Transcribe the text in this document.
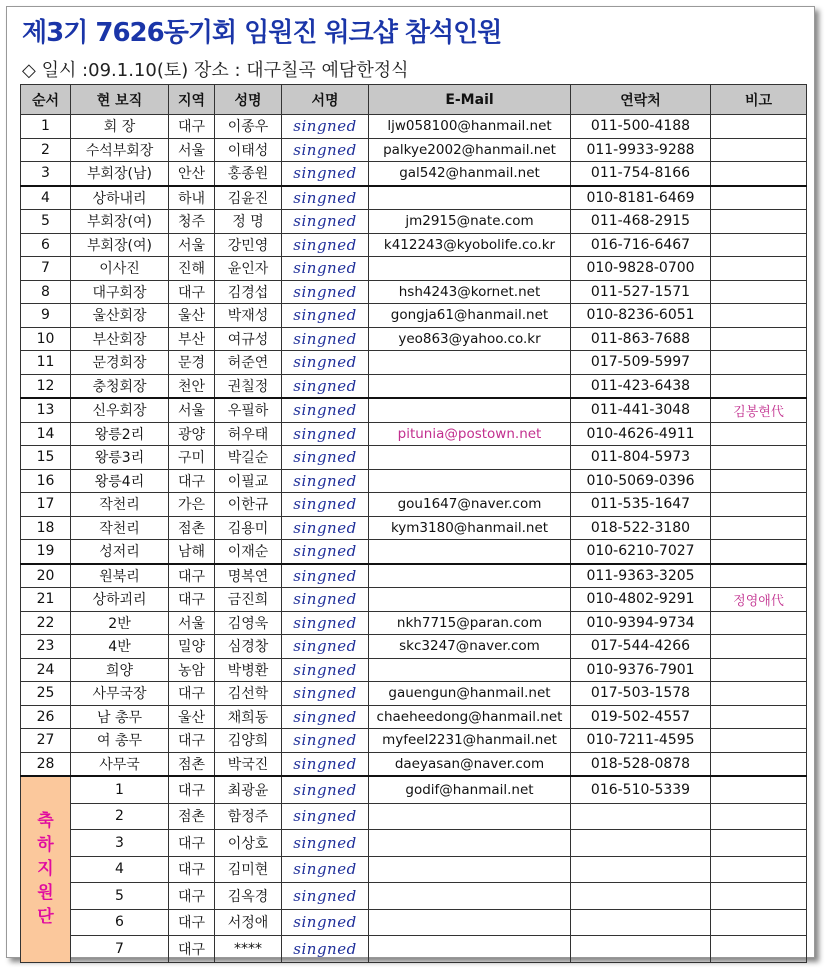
제3기 7626동기회 임원진 워크샵 참석인원
◇ 일시 :09.1.10(토) 장소 : 대구칠곡 예담한정식
순서	현 보직	지역	성명	서명	E-Mail	연락처	비고
1	회 장	대구	이종우	singned	ljw058100@hanmail.net	011-500-4188	
2	수석부회장	서울	이태성	singned	palkye2002@hanmail.net	011-9933-9288	
3	부회장(남)	안산	홍종원	singned	gal542@hanmail.net	011-754-8166	
4	상하내리	하내	김윤진	singned		010-8181-6469	
5	부회장(여)	청주	정 명	singned	jm2915@nate.com	011-468-2915	
6	부회장(여)	서울	강민영	singned	k412243@kyobolife.co.kr	016-716-6467	
7	이사진	진해	윤인자	singned		010-9828-0700	
8	대구회장	대구	김경섭	singned	hsh4243@kornet.net	011-527-1571	
9	울산회장	울산	박재성	singned	gongja61@hanmail.net	010-8236-6051	
10	부산회장	부산	여규성	singned	yeo863@yahoo.co.kr	011-863-7688	
11	문경회장	문경	허준연	singned		017-509-5997	
12	충청회장	천안	권칠정	singned		011-423-6438	
13	신우회장	서울	우필하	singned		011-441-3048	김봉현代
14	왕릉2리	광양	허우태	singned	pitunia@postown.net	010-4626-4911	
15	왕릉3리	구미	박길순	singned		011-804-5973	
16	왕릉4리	대구	이필교	singned		010-5069-0396	
17	작천리	가은	이한규	singned	gou1647@naver.com	011-535-1647	
18	작천리	점촌	김용미	singned	kym3180@hanmail.net	018-522-3180	
19	성저리	남해	이재순	singned		010-6210-7027	
20	원북리	대구	명복연	singned		011-9363-3205	
21	상하괴리	대구	금진희	singned		010-4802-9291	정영애代
22	2반	서울	김영욱	singned	nkh7715@paran.com	010-9394-9734	
23	4반	밀양	심경창	singned	skc3247@naver.com	017-544-4266	
24	희양	농암	박병환	singned		010-9376-7901	
25	사무국장	대구	김선학	singned	gauengun@hanmail.net	017-503-1578	
26	남 총무	울산	채희동	singned	chaeheedong@hanmail.net	019-502-4557	
27	여 총무	대구	김양희	singned	myfeel2231@hanmail.net	010-7211-4595	
28	사무국	점촌	박국진	singned	daeyasan@naver.com	018-528-0878	
축하지원단	1	대구	최광윤	singned	godif@hanmail.net	016-510-5339	
	2	점촌	함정주	singned			
	3	대구	이상호	singned			
	4	대구	김미현	singned			
	5	대구	김옥경	singned			
	6	대구	서정애	singned			
	7	대구	****	singned			
